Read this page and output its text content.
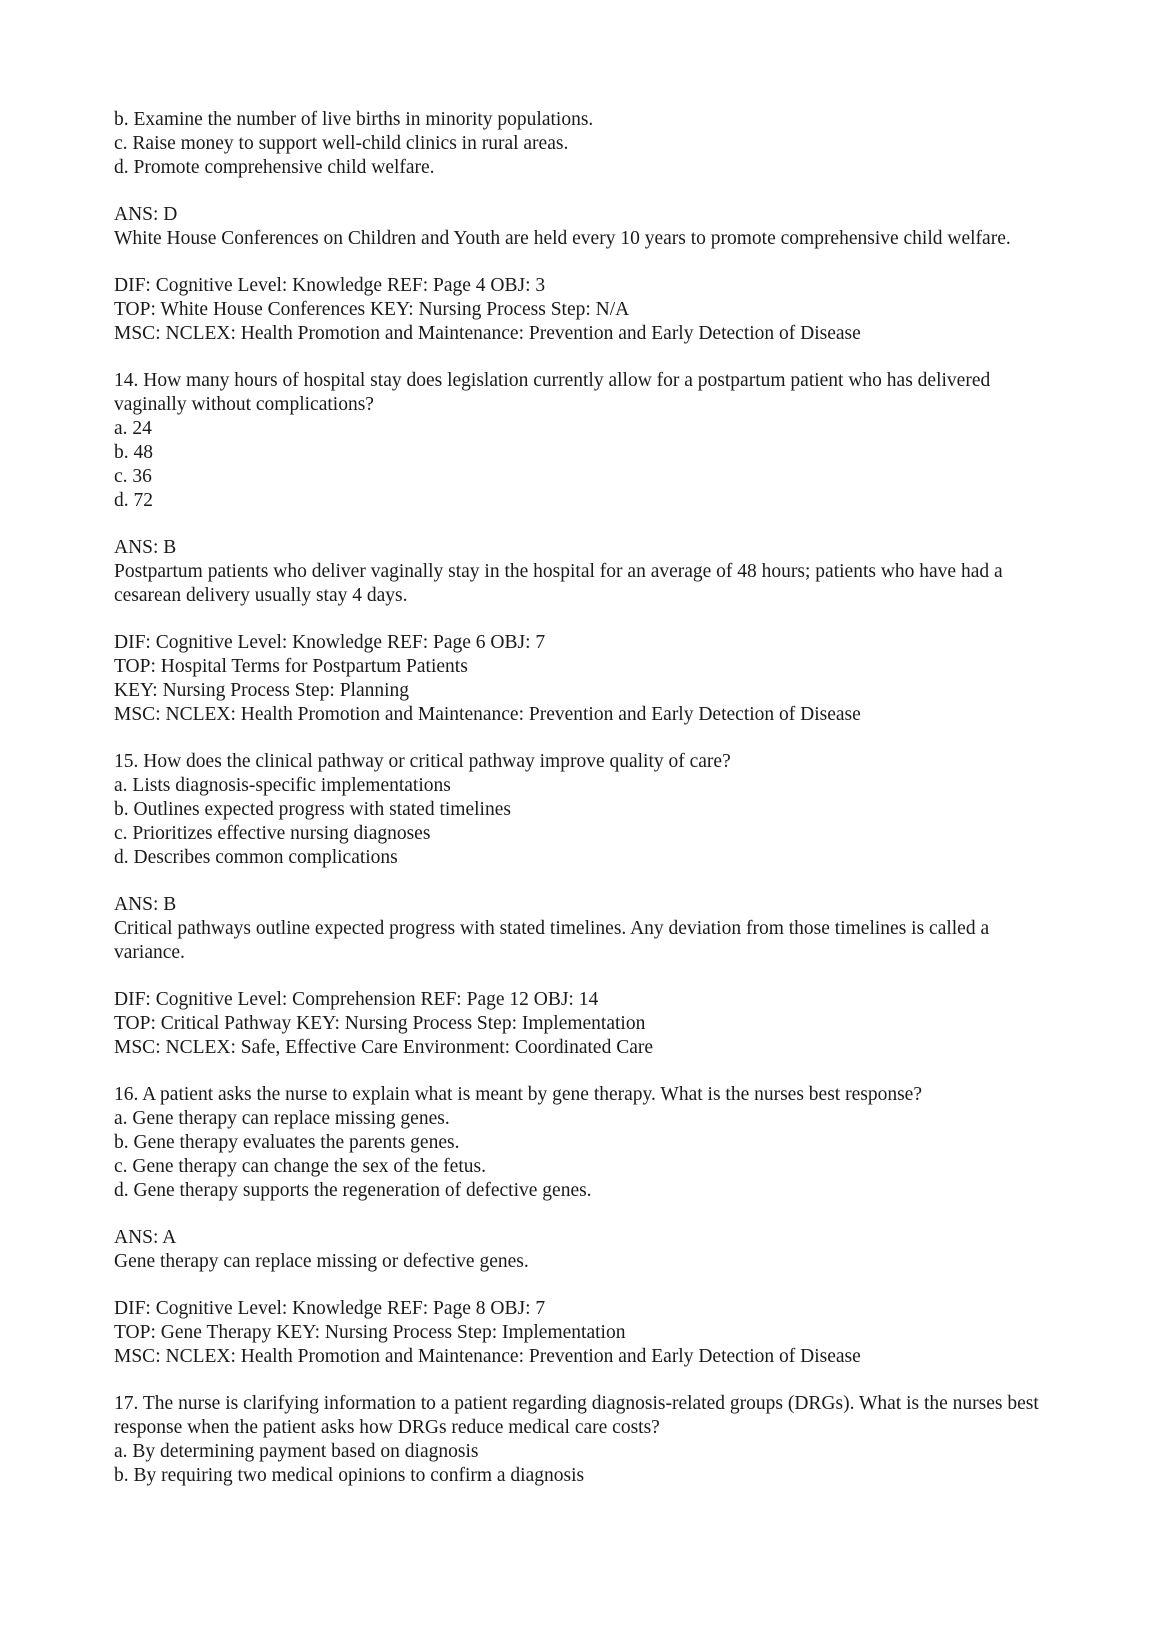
b. Examine the number of live births in minority populations.
c. Raise money to support well-child clinics in rural areas.
d. Promote comprehensive child welfare.
ANS: D
White House Conferences on Children and Youth are held every 10 years to promote comprehensive child welfare.
DIF: Cognitive Level: Knowledge REF: Page 4 OBJ: 3
TOP: White House Conferences KEY: Nursing Process Step: N/A
MSC: NCLEX: Health Promotion and Maintenance: Prevention and Early Detection of Disease
14. How many hours of hospital stay does legislation currently allow for a postpartum patient who has delivered vaginally without complications?
a. 24
b. 48
c. 36
d. 72
ANS: B
Postpartum patients who deliver vaginally stay in the hospital for an average of 48 hours; patients who have had a cesarean delivery usually stay 4 days.
DIF: Cognitive Level: Knowledge REF: Page 6 OBJ: 7
TOP: Hospital Terms for Postpartum Patients
KEY: Nursing Process Step: Planning
MSC: NCLEX: Health Promotion and Maintenance: Prevention and Early Detection of Disease
15. How does the clinical pathway or critical pathway improve quality of care?
a. Lists diagnosis-specific implementations
b. Outlines expected progress with stated timelines
c. Prioritizes effective nursing diagnoses
d. Describes common complications
ANS: B
Critical pathways outline expected progress with stated timelines. Any deviation from those timelines is called a variance.
DIF: Cognitive Level: Comprehension REF: Page 12 OBJ: 14
TOP: Critical Pathway KEY: Nursing Process Step: Implementation
MSC: NCLEX: Safe, Effective Care Environment: Coordinated Care
16. A patient asks the nurse to explain what is meant by gene therapy. What is the nurses best response?
a. Gene therapy can replace missing genes.
b. Gene therapy evaluates the parents genes.
c. Gene therapy can change the sex of the fetus.
d. Gene therapy supports the regeneration of defective genes.
ANS: A
Gene therapy can replace missing or defective genes.
DIF: Cognitive Level: Knowledge REF: Page 8 OBJ: 7
TOP: Gene Therapy KEY: Nursing Process Step: Implementation
MSC: NCLEX: Health Promotion and Maintenance: Prevention and Early Detection of Disease
17. The nurse is clarifying information to a patient regarding diagnosis-related groups (DRGs). What is the nurses best response when the patient asks how DRGs reduce medical care costs?
a. By determining payment based on diagnosis
b. By requiring two medical opinions to confirm a diagnosis
